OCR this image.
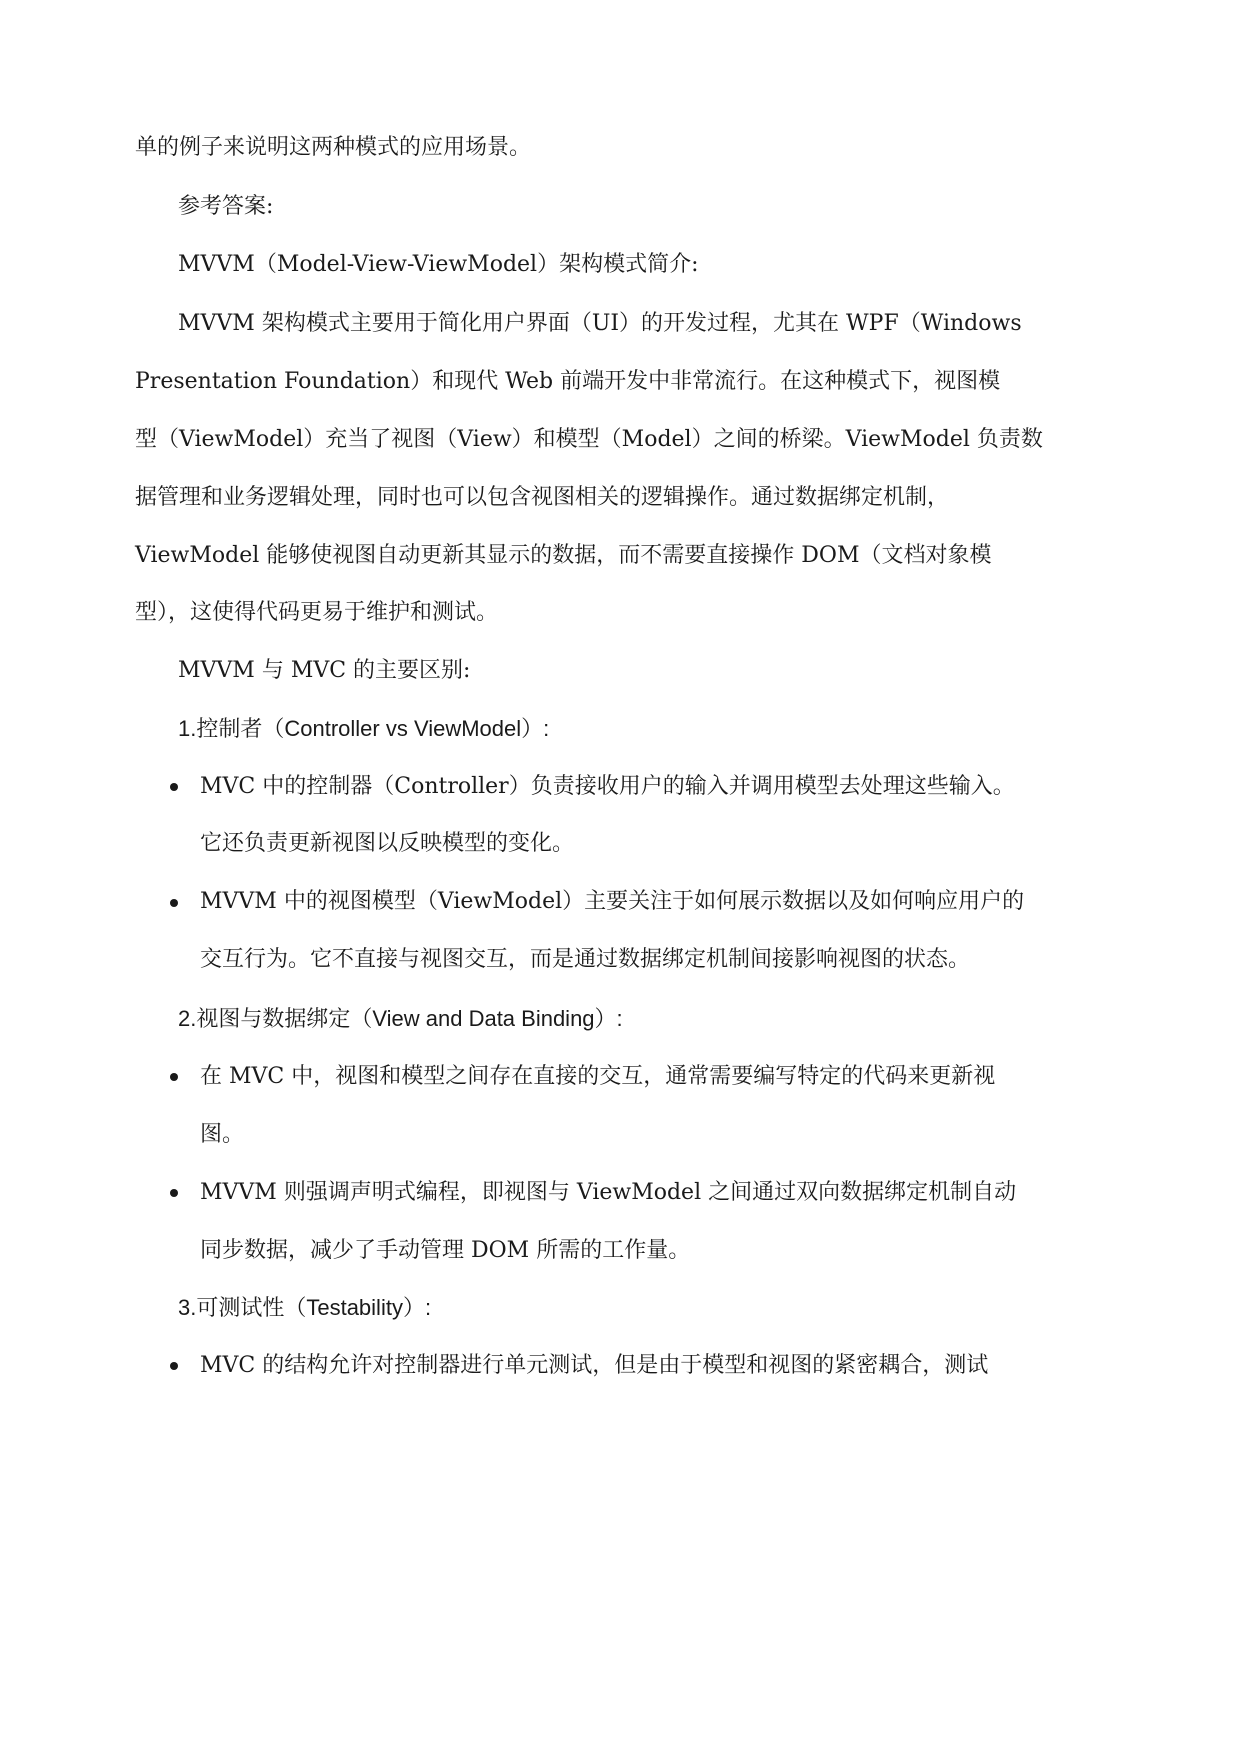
单的例子来说明这两种模式的应用场景。
参考答案:
MVVM（Model-View-ViewModel）架构模式简介:
MVVM 架构模式主要用于简化用户界面（UI）的开发过程，尤其在 WPF（Windows
Presentation Foundation）和现代 Web 前端开发中非常流行。在这种模式下，视图模
型（ViewModel）充当了视图（View）和模型（Model）之间的桥梁。ViewModel 负责数
据管理和业务逻辑处理，同时也可以包含视图相关的逻辑操作。通过数据绑定机制，
ViewModel 能够使视图自动更新其显示的数据，而不需要直接操作 DOM（文档对象模
型），这使得代码更易于维护和测试。
MVVM 与 MVC 的主要区别:
1.控制者（Controller vs ViewModel）:
MVC 中的控制器（Controller）负责接收用户的输入并调用模型去处理这些输入。
它还负责更新视图以反映模型的变化。
MVVM 中的视图模型（ViewModel）主要关注于如何展示数据以及如何响应用户的
交互行为。它不直接与视图交互，而是通过数据绑定机制间接影响视图的状态。
2.视图与数据绑定（View and Data Binding）:
在 MVC 中，视图和模型之间存在直接的交互，通常需要编写特定的代码来更新视
图。
MVVM 则强调声明式编程，即视图与 ViewModel 之间通过双向数据绑定机制自动
同步数据，减少了手动管理 DOM 所需的工作量。
3.可测试性（Testability）:
MVC 的结构允许对控制器进行单元测试，但是由于模型和视图的紧密耦合，测试
